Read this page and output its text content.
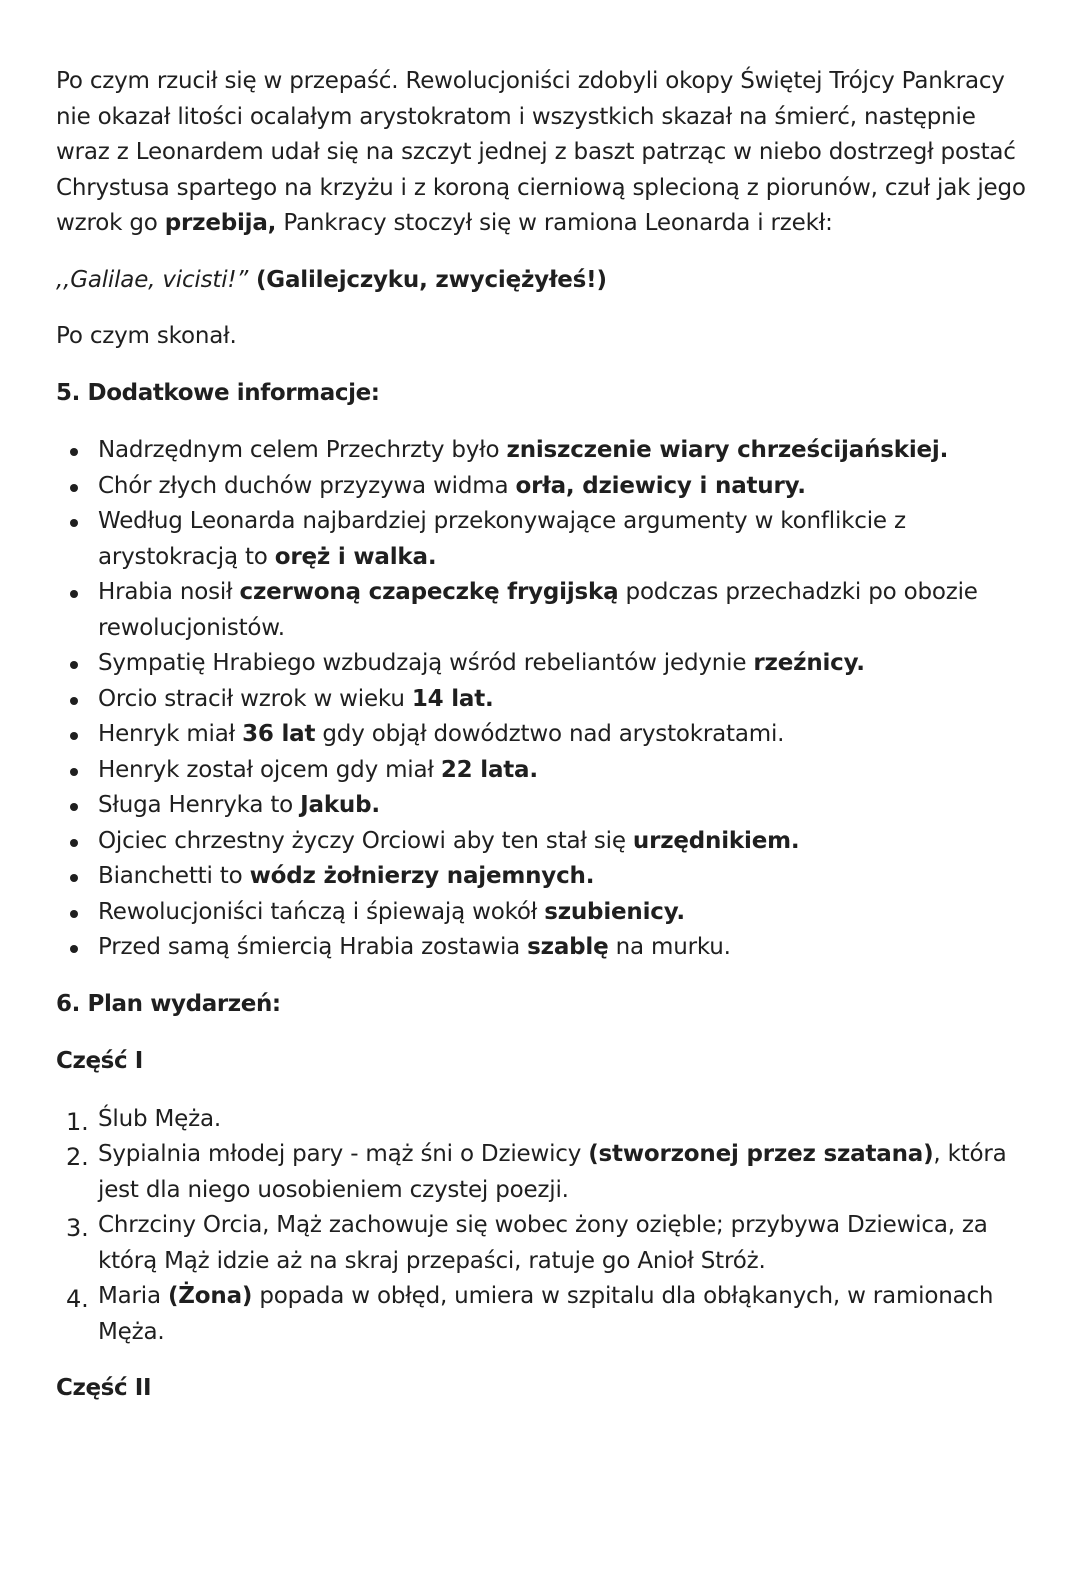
Po czym rzucił się w przepaść. Rewolucjoniści zdobyli okopy Świętej Trójcy Pankracy nie okazał litości ocalałym arystokratom i wszystkich skazał na śmierć, następnie wraz z Leonardem udał się na szczyt jednej z baszt patrząc w niebo dostrzegł postać Chrystusa spartego na krzyżu i z koroną cierniową splecioną z piorunów, czuł jak jego wzrok go przebija, Pankracy stoczył się w ramiona Leonarda i rzekł:

,,Galilae, vicisti!” (Galilejczyku, zwyciężyłeś!)

Po czym skonał.

5. Dodatkowe informacje:

Nadrzędnym celem Przechrzty było zniszczenie wiary chrześcijańskiej.
Chór złych duchów przyzywa widma orła, dziewicy i natury.
Według Leonarda najbardziej przekonywające argumenty w konflikcie z arystokracją to oręż i walka.
Hrabia nosił czerwoną czapeczkę frygijską podczas przechadzki po obozie rewolucjonistów.
Sympatię Hrabiego wzbudzają wśród rebeliantów jedynie rzeźnicy.
Orcio stracił wzrok w wieku 14 lat.
Henryk miał 36 lat gdy objął dowództwo nad arystokratami.
Henryk został ojcem gdy miał 22 lata.
Sługa Henryka to Jakub.
Ojciec chrzestny życzy Orciowi aby ten stał się urzędnikiem.
Bianchetti to wódz żołnierzy najemnych.
Rewolucjoniści tańczą i śpiewają wokół szubienicy.
Przed samą śmiercią Hrabia zostawia szablę na murku.

6. Plan wydarzeń:

Część I

1. Ślub Męża.
2. Sypialnia młodej pary - mąż śni o Dziewicy (stworzonej przez szatana), która jest dla niego uosobieniem czystej poezji.
3. Chrzciny Orcia, Mąż zachowuje się wobec żony ozięble; przybywa Dziewica, za którą Mąż idzie aż na skraj przepaści, ratuje go Anioł Stróż.
4. Maria (Żona) popada w obłęd, umiera w szpitalu dla obłąkanych, w ramionach Męża.

Część II
